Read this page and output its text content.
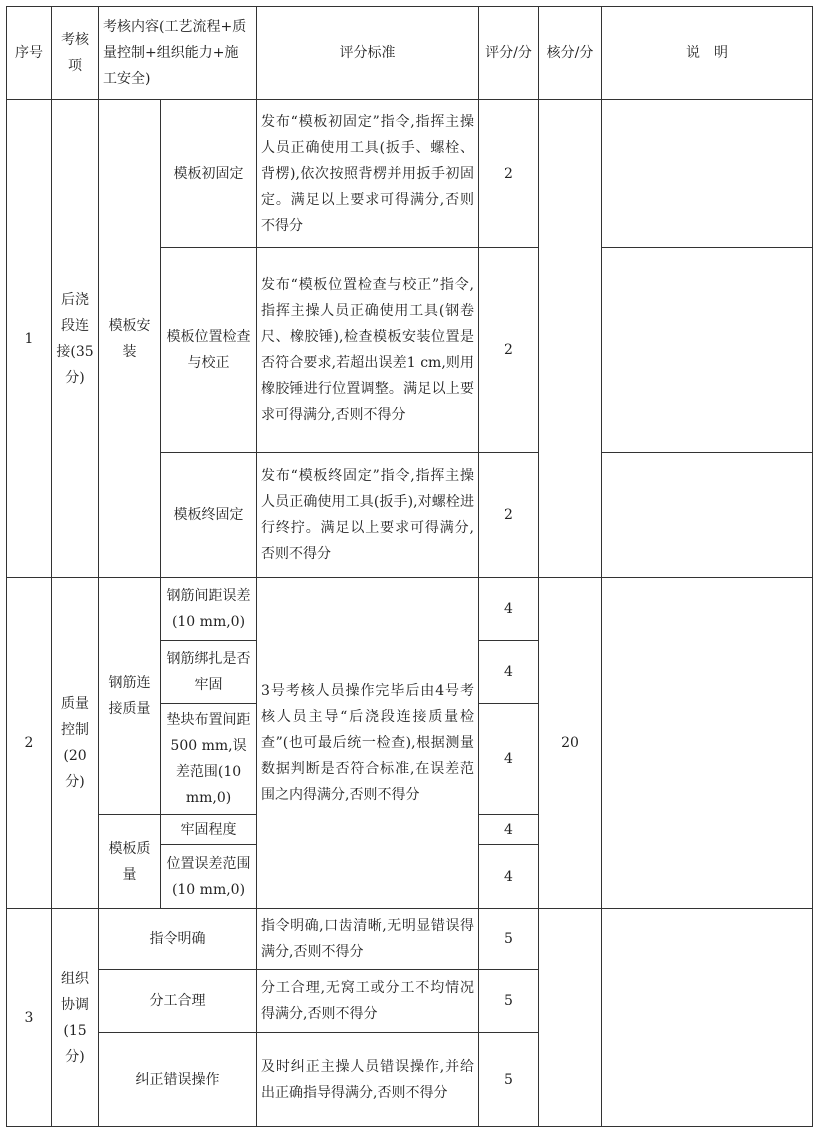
序号	考核项	考核内容(工艺流程+质量控制+组织能力+施工安全)		评分标准	评分/分	核分/分	说　明
1	后浇段连接(35分)	模板安装	模板初固定	发布“模板初固定”指令,指挥主操人员正确使用工具(扳手、螺栓、背楞),依次按照背楞并用扳手初固定。满足以上要求可得满分,否则不得分	2		
			模板位置检查与校正	发布“模板位置检查与校正”指令,指挥主操人员正确使用工具(钢卷尺、橡胶锤),检查模板安装位置是否符合要求,若超出误差1 cm,则用橡胶锤进行位置调整。满足以上要求可得满分,否则不得分	2		
			模板终固定	发布“模板终固定”指令,指挥主操人员正确使用工具(扳手),对螺栓进行终拧。满足以上要求可得满分,否则不得分	2		
2	质量控制(20分)	钢筋连接质量	钢筋间距误差(10 mm,0)	3号考核人员操作完毕后由4号考核人员主导“后浇段连接质量检查”(也可最后统一检查),根据测量数据判断是否符合标准,在误差范围之内得满分,否则不得分	4	20	
			钢筋绑扎是否牢固		4		
			垫块布置间距500 mm,误差范围(10 mm,0)		4		
		模板质量	牢固程度		4		
			位置误差范围(10 mm,0)		4		
3	组织协调(15分)	指令明确		指令明确,口齿清晰,无明显错误得满分,否则不得分	5		
		分工合理		分工合理,无窝工或分工不均情况得满分,否则不得分	5		
		纠正错误操作		及时纠正主操人员错误操作,并给出正确指导得满分,否则不得分	5		
